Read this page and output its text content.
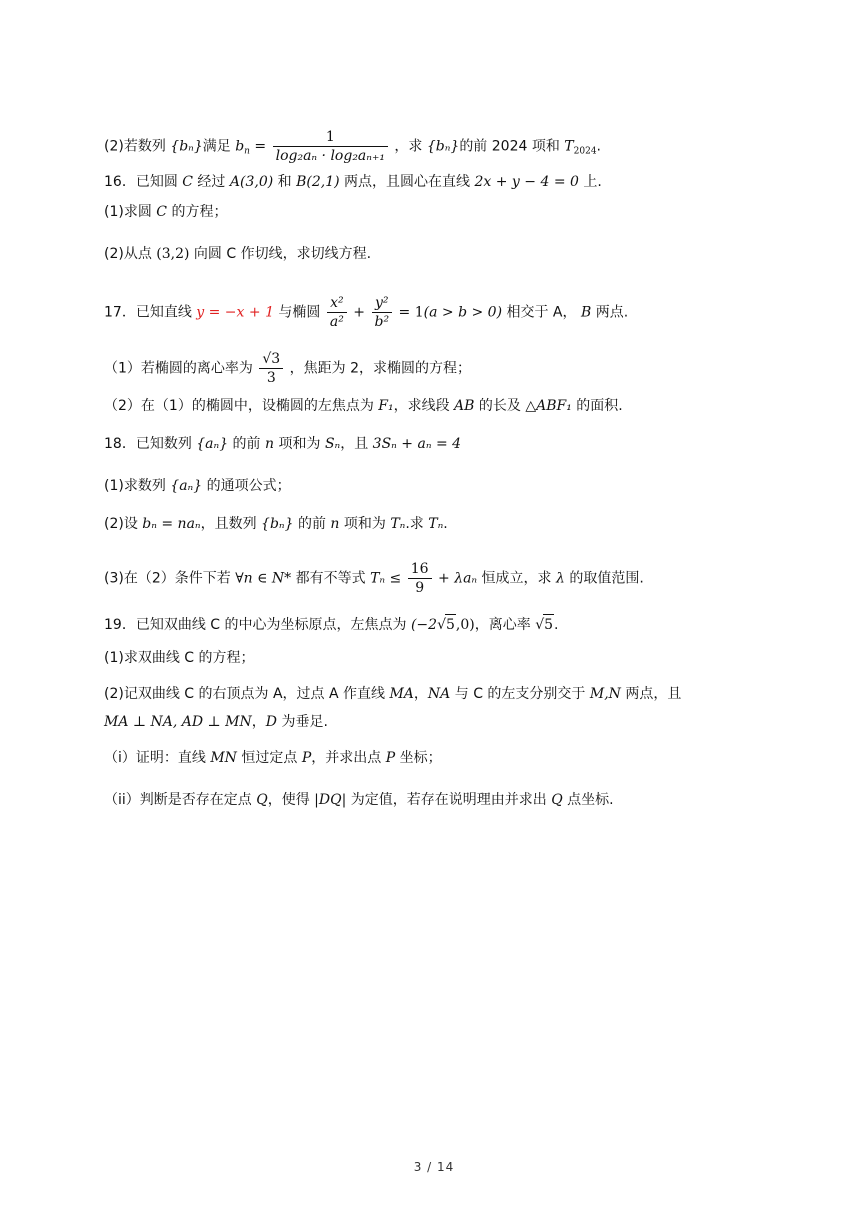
(2)若数列 {bₙ}满足 $b_n = \frac{1}{\text{log₂aₙ · log₂aₙ₊₁}}$ ，求 {bₙ}的前 2024 项和 $T_{2024}$.
16．已知圆 C 经过 A(3,0) 和 B(2,1) 两点，且圆心在直线 2x + y − 4 = 0 上.
(1)求圆 C 的方程；
(2)从点 (3,2) 向圆 C 作切线，求切线方程.
17．已知直线 y = −x + 1 与椭圆 $\frac{\text{x²}}{\text{a²}} + \frac{\text{y²}}{\text{b²}} = 1(a > b > 0)$ 相交于 A， B 两点.
（1）若椭圆的离心率为 $\frac{√3}{3}$ ，焦距为 2，求椭圆的方程；
（2）在（1）的椭圆中，设椭圆的左焦点为 F₁，求线段 AB 的长及 △ABF₁ 的面积.
18．已知数列 {aₙ} 的前 n 项和为 Sₙ，且 3Sₙ + aₙ = 4
(1)求数列 {aₙ} 的通项公式；
(2)设 bₙ = naₙ，且数列 {bₙ} 的前 n 项和为 Tₙ.求 Tₙ.
(3)在（2）条件下若 ∀n ∈ N* 都有不等式 $T_n \le \frac{16}{9} + \lambda a_n$ 恒成立，求 λ 的取值范围.
19．已知双曲线 C 的中心为坐标原点，左焦点为 (−2√5,0)，离心率 √5.
(1)求双曲线 C 的方程；
(2)记双曲线 C 的右顶点为 A，过点 A 作直线 MA，NA 与 C 的左支分别交于 M,N 两点，且
MA ⊥ NA, AD ⊥ MN，D 为垂足.
（i）证明：直线 MN 恒过定点 P，并求出点 P 坐标；
（ii）判断是否存在定点 Q，使得 |DQ| 为定值，若存在说明理由并求出 Q 点坐标.
3 / 14
